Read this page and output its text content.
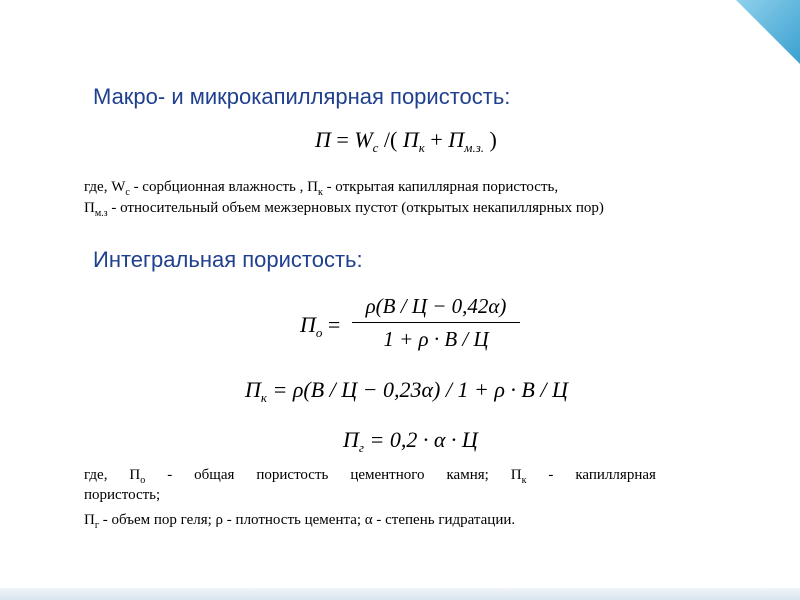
Макро- и микрокапиллярная пористость:
$П = W_c$ /( $П_к + П_{м.з.}$ )
где, $W_c$ - сорбционная влажность , $П_к$ - открытая капиллярная пористость,
$П_{м.з}$ - относительный объем межзерновых пустот (открытых некапиллярных пор)
Интегральная пористость:
$П_о$ =
ρ(В / Ц − 0,42α)
1 + ρ · В / Ц
$П_к = \rho(В / Ц - 0,23\alpha) / 1 + \rho \cdot В / Ц$
$П_г = 0,2 \cdot \alpha \cdot Ц$
где, $П_о$ - общая пористость цементного камня; $П_к$ - капиллярная
пористость;
$П_г$ - объем пор геля; ρ - плотность цемента; α - степень гидратации.
